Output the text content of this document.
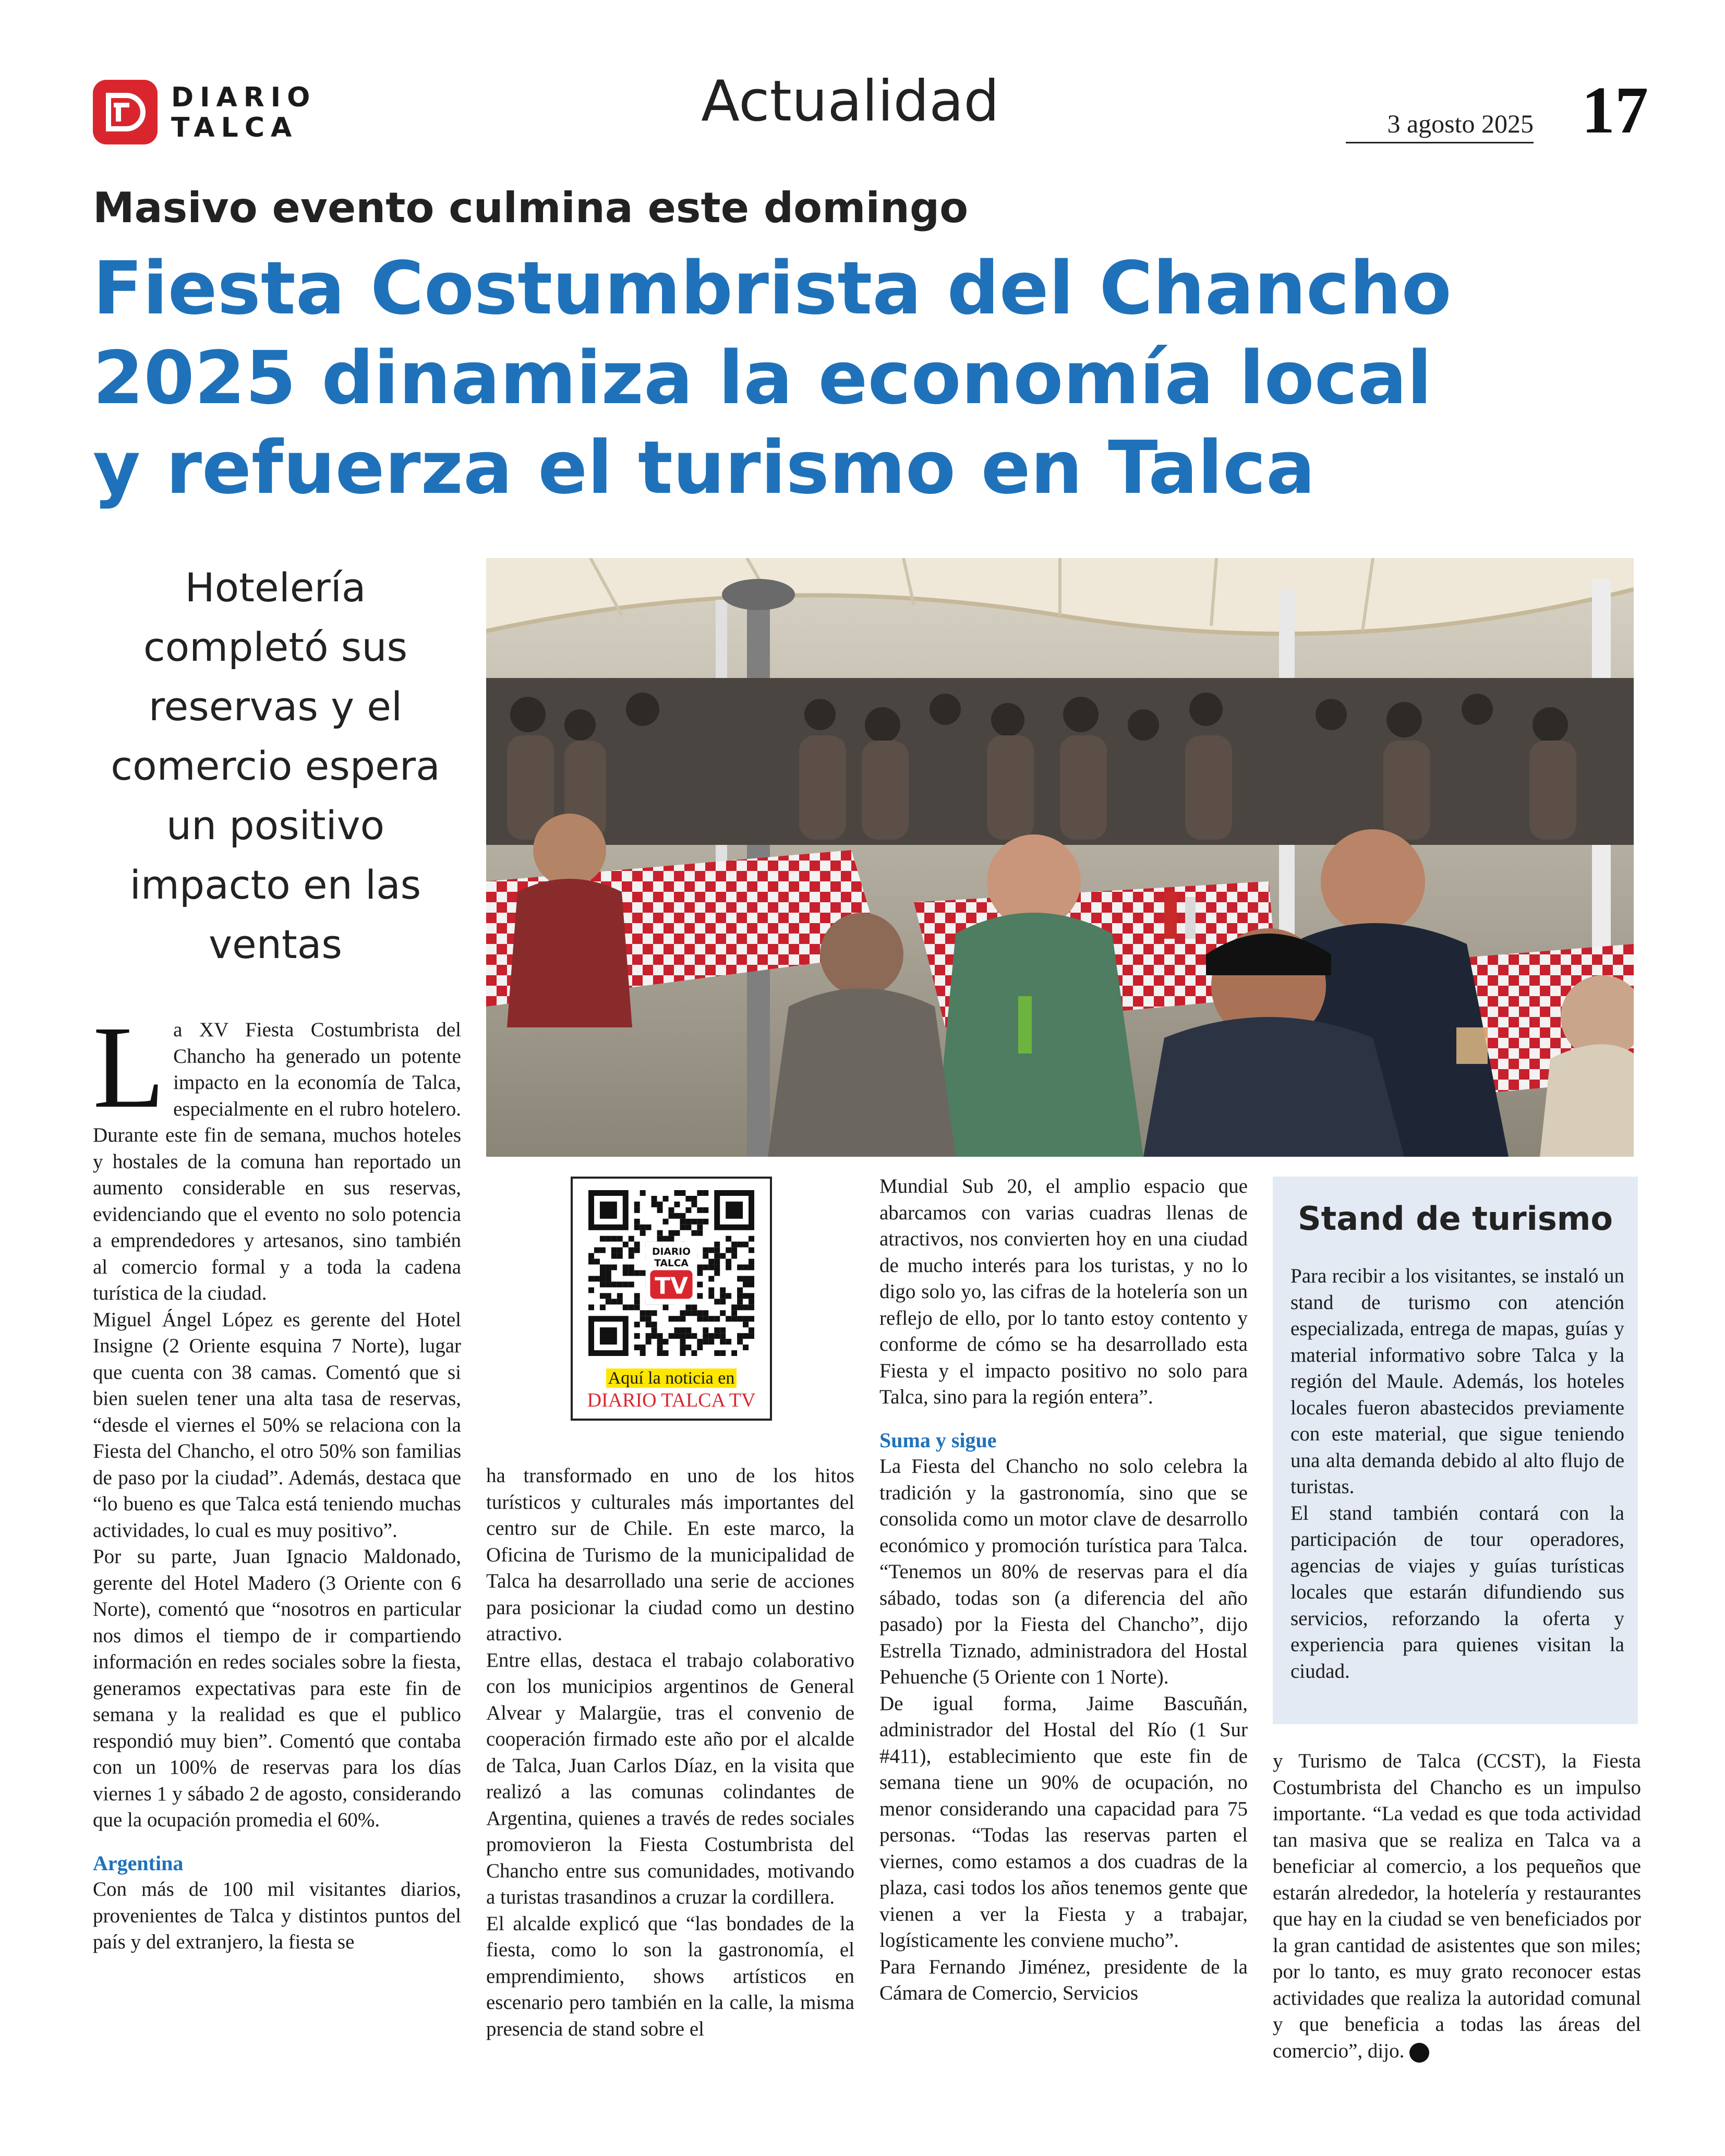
DIARIO
TALCA	Actualidad	3 agosto 2025 17
Masivo evento culmina este domingo
Fiesta Costumbrista del Chancho
2025 dinamiza la economía local
y refuerza el turismo en Talca
Hotelería completó sus reservas y el comercio espera un positivo impacto en las ventas

La XV Fiesta Costumbrista del Chancho ha generado un potente impacto en la economía de Talca, especialmente en el rubro hotelero. Durante este fin de semana, muchos hoteles y hostales de la comuna han reportado un aumento considerable en sus reservas, evidenciando que el evento no solo potencia a emprendedores y artesanos, sino también al comercio formal y a toda la cadena turística de la ciudad.

Miguel Ángel López es gerente del Hotel Insigne (2 Oriente esquina 7 Norte), lugar que cuenta con 38 camas. Comentó que si bien suelen tener una alta tasa de reservas, “desde el viernes el 50% se relaciona con la Fiesta del Chancho, el otro 50% son familias de paso por la ciudad”. Además, destaca que “lo bueno es que Talca está teniendo muchas actividades, lo cual es muy positivo”.

Por su parte, Juan Ignacio Maldonado, gerente del Hotel Madero (3 Oriente con 6 Norte), comentó que “nosotros en particular nos dimos el tiempo de ir compartiendo información en redes sociales sobre la fiesta, generamos expectativas para este fin de semana y la realidad es que el publico respondió muy bien”. Comentó que contaba con un 100% de reservas para los días viernes 1 y sábado 2 de agosto, considerando que la ocupación promedia el 60%.

Argentina

Con más de 100 mil visitantes diarios, provenientes de Talca y distintos puntos del país y del extranjero, la fiesta se

DIARIO
TALCA
TV
Aquí la noticia en
DIARIO TALCA TV

ha transformado en uno de los hitos turísticos y culturales más importantes del centro sur de Chile. En este marco, la Oficina de Turismo de la municipalidad de Talca ha desarrollado una serie de acciones para posicionar la ciudad como un destino atractivo.

Entre ellas, destaca el trabajo colaborativo con los municipios argentinos de General Alvear y Malargüe, tras el convenio de cooperación firmado este año por el alcalde de Talca, Juan Carlos Díaz, en la visita que realizó a las comunas colindantes de Argentina, quienes a través de redes sociales promovieron la Fiesta Costumbrista del Chancho entre sus comunidades, motivando a turistas trasandinos a cruzar la cordillera.

El alcalde explicó que “las bondades de la fiesta, como lo son la gastronomía, el emprendimiento, shows artísticos en escenario pero también en la calle, la misma presencia de stand sobre el

Mundial Sub 20, el amplio espacio que abarcamos con varias cuadras llenas de atractivos, nos convierten hoy en una ciudad de mucho interés para los turistas, y no lo digo solo yo, las cifras de la hotelería son un reflejo de ello, por lo tanto estoy contento y conforme de cómo se ha desarrollado esta Fiesta y el impacto positivo no solo para Talca, sino para la región entera”.

Suma y sigue

La Fiesta del Chancho no solo celebra la tradición y la gastronomía, sino que se consolida como un motor clave de desarrollo económico y promoción turística para Talca. “Tenemos un 80% de reservas para el día sábado, todas son (a diferencia del año pasado) por la Fiesta del Chancho”, dijo Estrella Tiznado, administradora del Hostal Pehuenche (5 Oriente con 1 Norte).

De igual forma, Jaime Bascuñán, administrador del Hostal del Río (1 Sur #411), establecimiento que este fin de semana tiene un 90% de ocupación, no menor considerando una capacidad para 75 personas. “Todas las reservas parten el viernes, como estamos a dos cuadras de la plaza, casi todos los años tenemos gente que vienen a ver la Fiesta y a trabajar, logísticamente les conviene mucho”.

Para Fernando Jiménez, presidente de la Cámara de Comercio, Servicios

Stand de turismo

Para recibir a los visitantes, se instaló un stand de turismo con atención especializada, entrega de mapas, guías y material informativo sobre Talca y la región del Maule. Además, los hoteles locales fueron abastecidos previamente con este material, que sigue teniendo una alta demanda debido al alto flujo de turistas.

El stand también contará con la participación de tour operadores, agencias de viajes y guías turísticas locales que estarán difundiendo sus servicios, reforzando la oferta y experiencia para quienes visitan la ciudad.

y Turismo de Talca (CCST), la Fiesta Costumbrista del Chancho es un impulso importante. “La vedad es que toda actividad tan masiva que se realiza en Talca va a beneficiar al comercio, a los pequeños que estarán alrededor, la hotelería y restaurantes que hay en la ciudad se ven beneficiados por la gran cantidad de asistentes que son miles; por lo tanto, es muy grato reconocer estas actividades que realiza la autoridad comunal y que beneficia a todas las áreas del comercio”, dijo.
